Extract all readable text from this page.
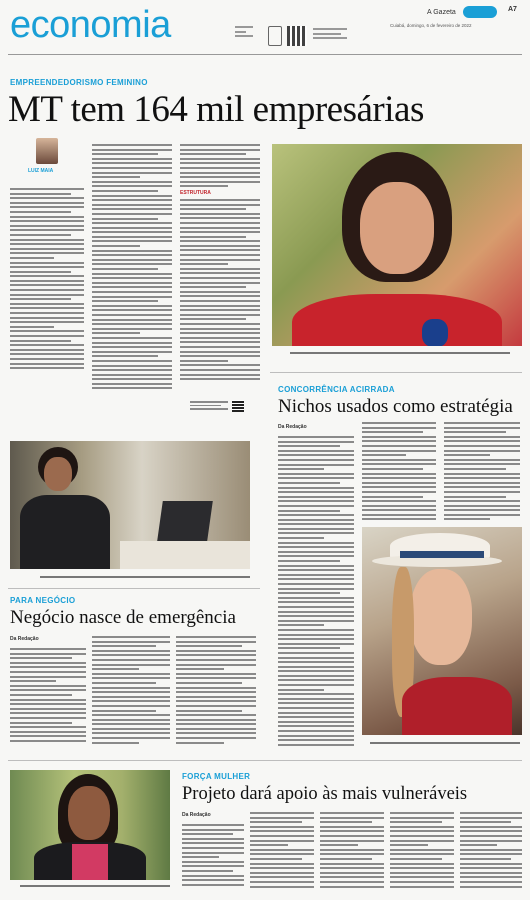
economia	A Gazeta	A7
Cuiabá, domingo, 6 de fevereiro de 2022
EMPREENDEDORISMO FEMININO
MT tem 164 mil empresárias
LUIZ MAIA
ESTRUTURA
CONCORRÊNCIA ACIRRADA
Nichos usados como estratégia
Da Redação
PARA NEGÓCIO
Negócio nasce de emergência
Da Redação
FORÇA MULHER
Projeto dará apoio às mais vulneráveis
Da Redação
